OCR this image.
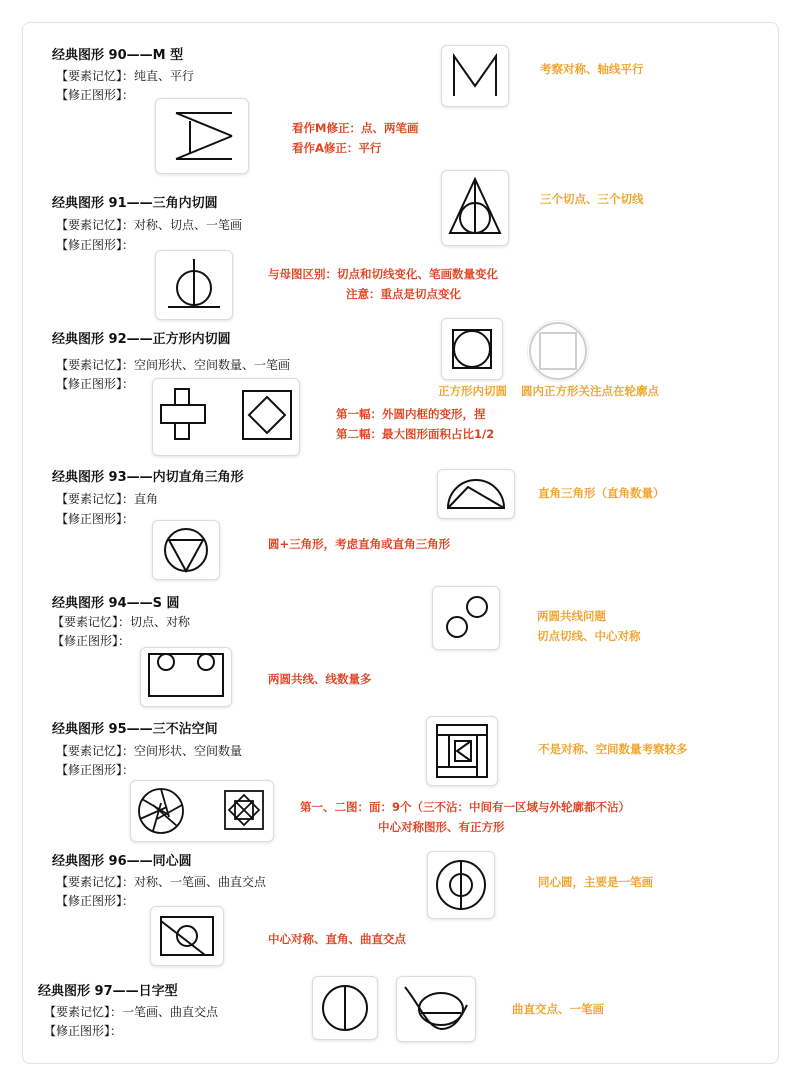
经典图形 90——M 型
【要素记忆】：纯直、平行
【修正图形】：
考察对称、轴线平行
看作M修正：点、两笔画
看作A修正：平行
经典图形 91——三角内切圆
【要素记忆】：对称、切点、一笔画
【修正图形】：
三个切点、三个切线
与母图区别：切点和切线变化、笔画数量变化
注意：重点是切点变化
经典图形 92——正方形内切圆
【要素记忆】：空间形状、空间数量、一笔画
【修正图形】：	正方形内切圆 圆内正方形关注点在轮廓点
第一幅：外圆内框的变形，捏
第二幅：最大图形面积占比1/2
经典图形 93——内切直角三角形
【要素记忆】：直角
【修正图形】：
直角三角形（直角数量）
圆+三角形，考虑直角或直角三角形
经典图形 94——S 圆
【要素记忆】：切点、对称
【修正图形】：
两圆共线问题
切点切线、中心对称
两圆共线、线数量多
经典图形 95——三不沾空间
【要素记忆】：空间形状、空间数量
【修正图形】：
不是对称、空间数量考察较多
第一、二图：面：9个（三不沾：中间有一区域与外轮廓都不沾）
中心对称图形、有正方形
经典图形 96——同心圆
【要素记忆】：对称、一笔画、曲直交点
【修正图形】：
同心圆，主要是一笔画
中心对称、直角、曲直交点
经典图形 97——日字型
【要素记忆】：一笔画、曲直交点
【修正图形】：
曲直交点、一笔画
